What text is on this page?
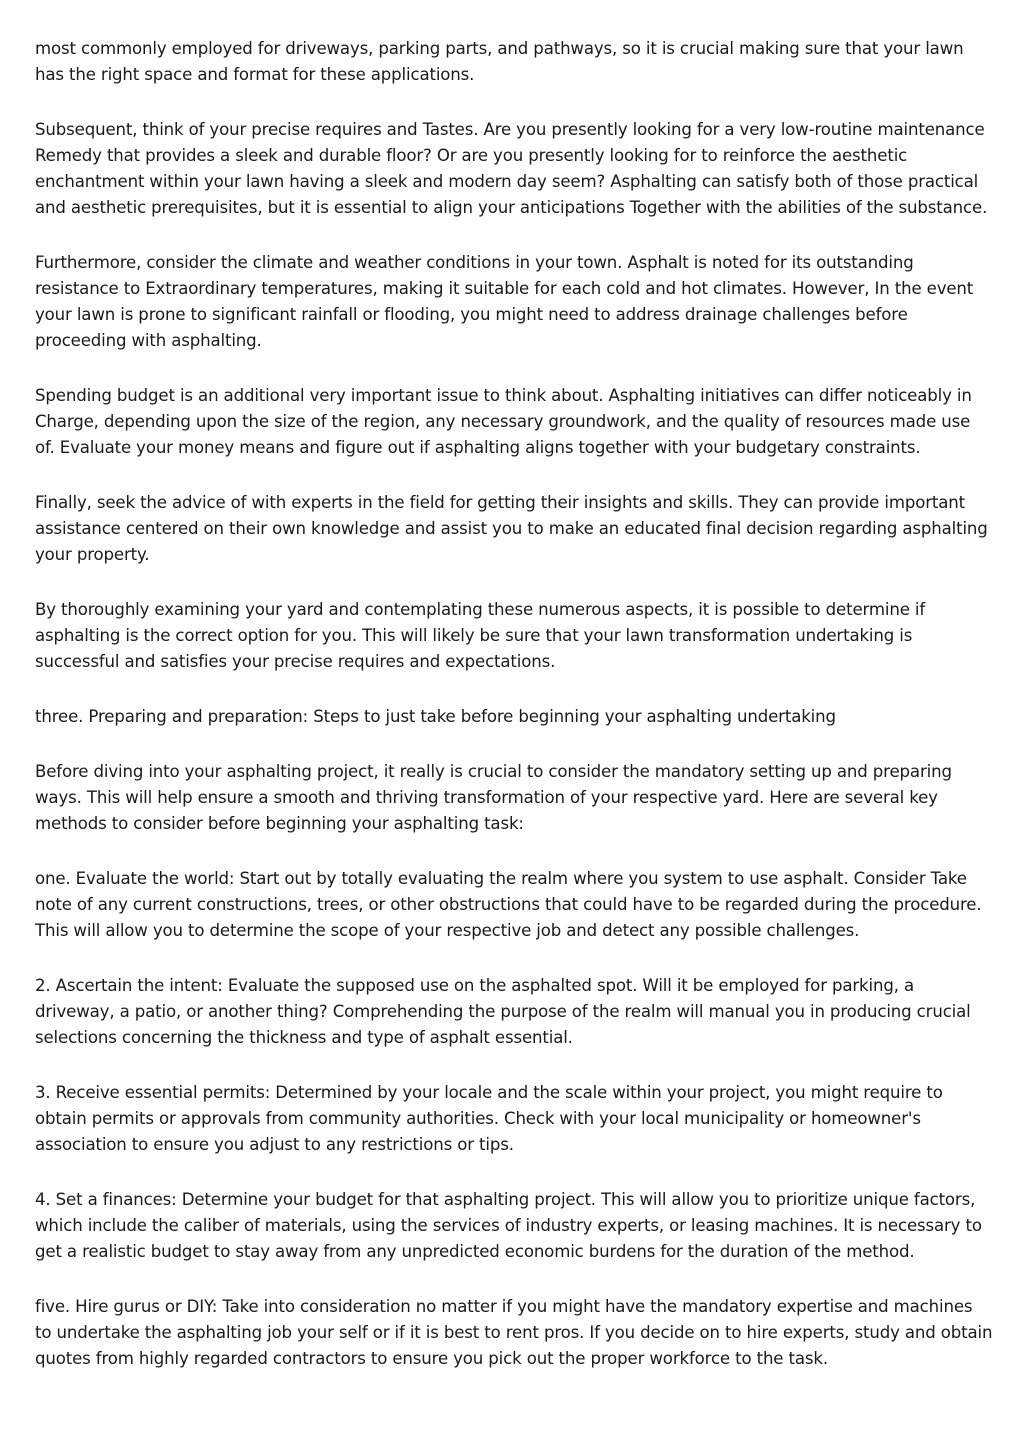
most commonly employed for driveways, parking parts, and pathways, so it is crucial making sure that your lawn has the right space and format for these applications.

Subsequent, think of your precise requires and Tastes. Are you presently looking for a very low-routine maintenance Remedy that provides a sleek and durable floor? Or are you presently looking for to reinforce the aesthetic enchantment within your lawn having a sleek and modern day seem? Asphalting can satisfy both of those practical and aesthetic prerequisites, but it is essential to align your anticipations Together with the abilities of the substance.

Furthermore, consider the climate and weather conditions in your town. Asphalt is noted for its outstanding resistance to Extraordinary temperatures, making it suitable for each cold and hot climates. However, In the event your lawn is prone to significant rainfall or flooding, you might need to address drainage challenges before proceeding with asphalting.

Spending budget is an additional very important issue to think about. Asphalting initiatives can differ noticeably in Charge, depending upon the size of the region, any necessary groundwork, and the quality of resources made use of. Evaluate your money means and figure out if asphalting aligns together with your budgetary constraints.

Finally, seek the advice of with experts in the field for getting their insights and skills. They can provide important assistance centered on their own knowledge and assist you to make an educated final decision regarding asphalting your property.

By thoroughly examining your yard and contemplating these numerous aspects, it is possible to determine if asphalting is the correct option for you. This will likely be sure that your lawn transformation undertaking is successful and satisfies your precise requires and expectations.

three. Preparing and preparation: Steps to just take before beginning your asphalting undertaking

Before diving into your asphalting project, it really is crucial to consider the mandatory setting up and preparing ways. This will help ensure a smooth and thriving transformation of your respective yard. Here are several key methods to consider before beginning your asphalting task:

one. Evaluate the world: Start out by totally evaluating the realm where you system to use asphalt. Consider Take note of any current constructions, trees, or other obstructions that could have to be regarded during the procedure. This will allow you to determine the scope of your respective job and detect any possible challenges.

2. Ascertain the intent: Evaluate the supposed use on the asphalted spot. Will it be employed for parking, a driveway, a patio, or another thing? Comprehending the purpose of the realm will manual you in producing crucial selections concerning the thickness and type of asphalt essential.

3. Receive essential permits: Determined by your locale and the scale within your project, you might require to obtain permits or approvals from community authorities. Check with your local municipality or homeowner's association to ensure you adjust to any restrictions or tips.

4. Set a finances: Determine your budget for that asphalting project. This will allow you to prioritize unique factors, which include the caliber of materials, using the services of industry experts, or leasing machines. It is necessary to get a realistic budget to stay away from any unpredicted economic burdens for the duration of the method.

five. Hire gurus or DIY: Take into consideration no matter if you might have the mandatory expertise and machines to undertake the asphalting job your self or if it is best to rent pros. If you decide on to hire experts, study and obtain quotes from highly regarded contractors to ensure you pick out the proper workforce to the task.
